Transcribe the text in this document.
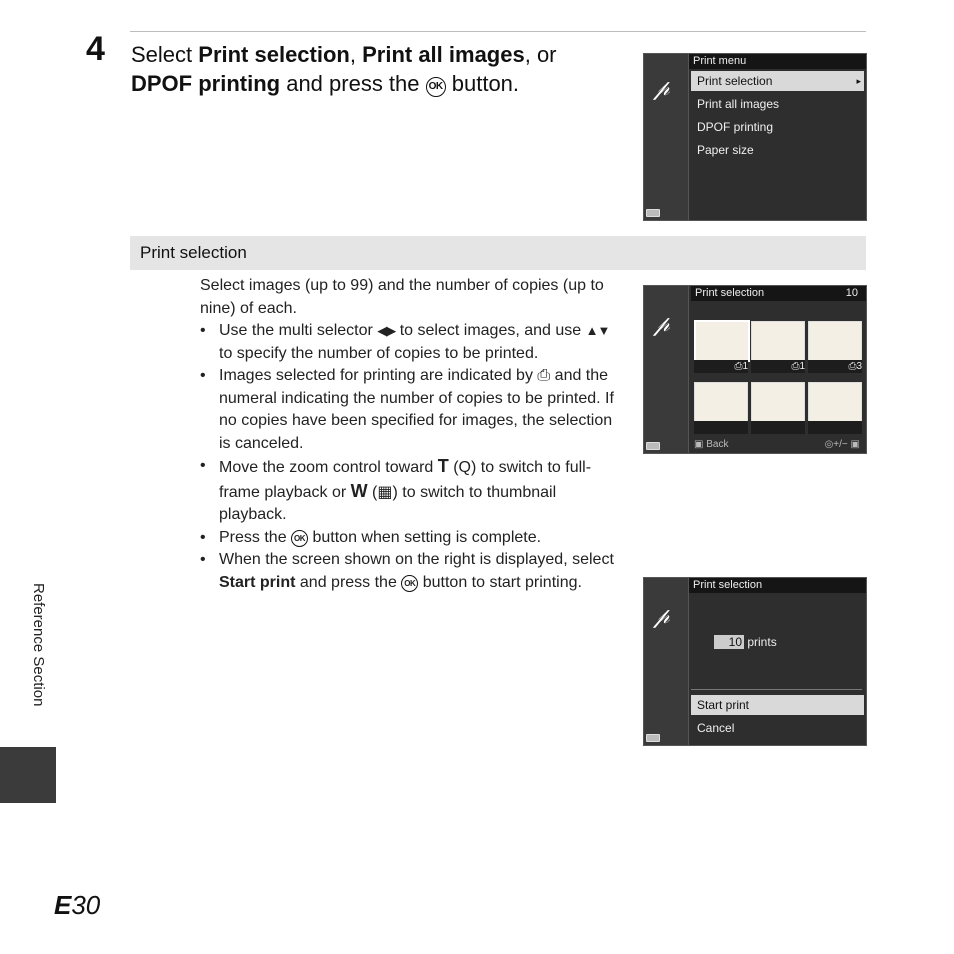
4 Select Print selection, Print all images, or DPOF printing and press the OK button.	𝓅
Print menu
Print selection	▸
Print all images
DPOF printing
Paper size
Print selection
Select images (up to 99) and the number of copies (up to nine) of each.
• Use the multi selector ◀▶ to select images, and use ▲▼ to specify the number of copies to be printed.
• Images selected for printing are indicated by ⎙ and the numeral indicating the number of copies to be printed. If no copies have been specified for images, the selection is canceled.
• Move the zoom control toward T (Q) to switch to full-frame playback or W (▦) to switch to thumbnail playback.
• Press the OK button when setting is complete.
• When the screen shown on the right is displayed, select Start print and press the OK button to start printing.
𝓅
Print selection	10
⎙1	⎙1	⎙3
▣ Back	◎+/− ▣
𝓅
Print selection
10 prints
Start print
Cancel
Reference Section
E30
